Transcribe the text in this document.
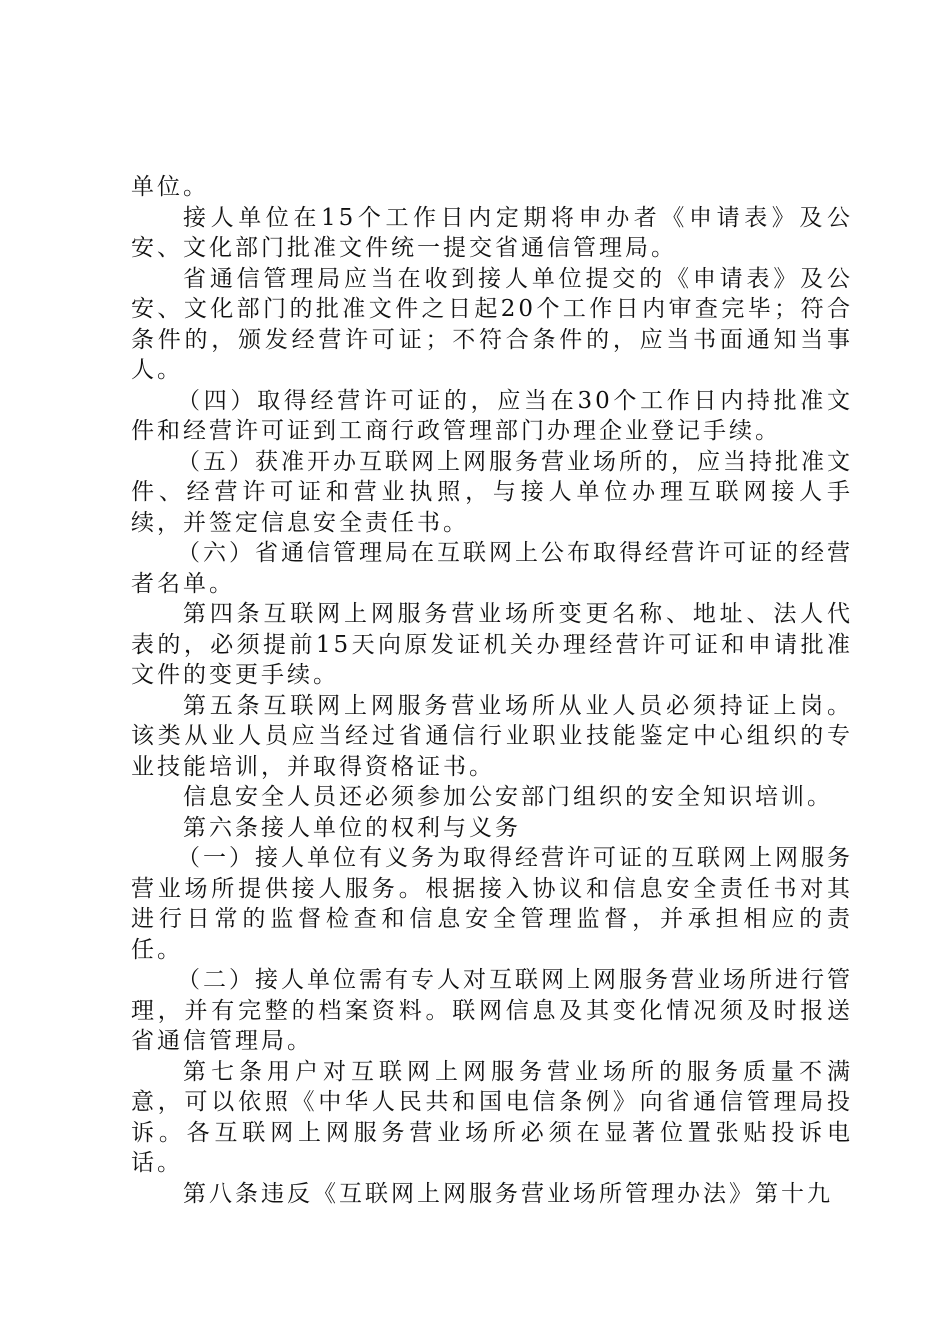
单位。

接人单位在15个工作日内定期将申办者《申请表》及公安、文化部门批准文件统一提交省通信管理局。

省通信管理局应当在收到接人单位提交的《申请表》及公安、文化部门的批准文件之日起20个工作日内审查完毕；符合条件的，颁发经营许可证；不符合条件的，应当书面通知当事人。

（四）取得经营许可证的，应当在30个工作日内持批准文件和经营许可证到工商行政管理部门办理企业登记手续。

（五）获准开办互联网上网服务营业场所的，应当持批准文件、经营许可证和营业执照，与接人单位办理互联网接人手续，并签定信息安全责任书。

（六）省通信管理局在互联网上公布取得经营许可证的经营者名单。

第四条互联网上网服务营业场所变更名称、地址、法人代表的，必须提前15天向原发证机关办理经营许可证和申请批准文件的变更手续。

第五条互联网上网服务营业场所从业人员必须持证上岗。该类从业人员应当经过省通信行业职业技能鉴定中心组织的专业技能培训，并取得资格证书。

信息安全人员还必须参加公安部门组织的安全知识培训。

第六条接人单位的权利与义务

（一）接人单位有义务为取得经营许可证的互联网上网服务营业场所提供接人服务。根据接入协议和信息安全责任书对其进行日常的监督检查和信息安全管理监督，并承担相应的责任。

（二）接人单位需有专人对互联网上网服务营业场所进行管理，并有完整的档案资料。联网信息及其变化情况须及时报送省通信管理局。

第七条用户对互联网上网服务营业场所的服务质量不满意，可以依照《中华人民共和国电信条例》向省通信管理局投诉。各互联网上网服务营业场所必须在显著位置张贴投诉电话。

第八条违反《互联网上网服务营业场所管理办法》第十九
